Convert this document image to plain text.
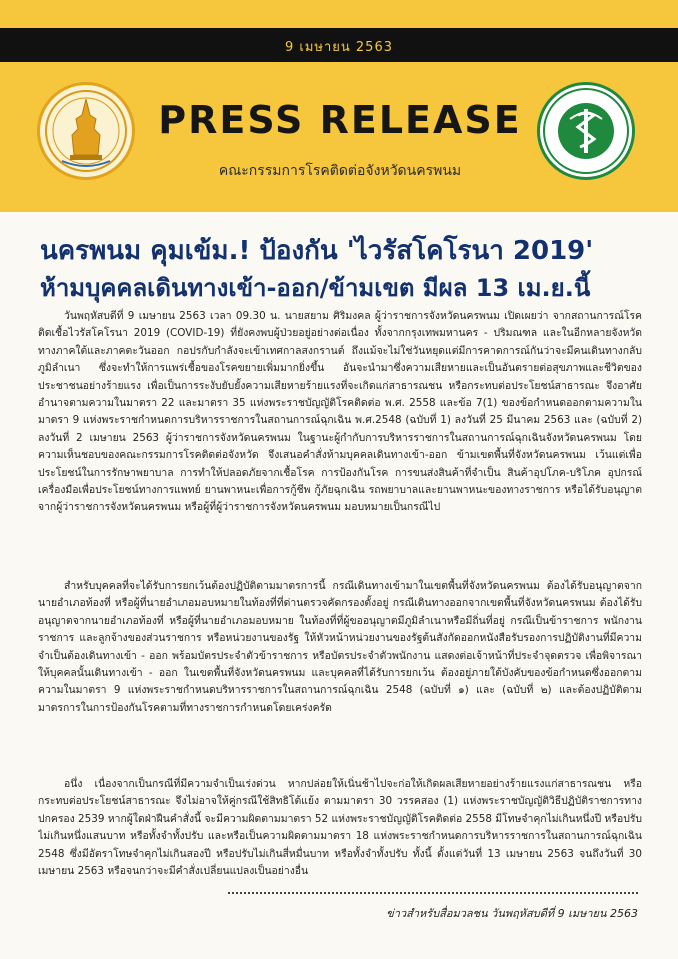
9 เมษายน 2563
PRESS RELEASE
คณะกรรมการโรคติดต่อจังหวัดนครพนม
นครพนม คุมเข้ม.! ป้องกัน 'ไวรัสโคโรนา 2019'
ห้ามบุคคลเดินทางเข้า-ออก/ข้ามเขต มีผล 13 เม.ย.นี้
วันพฤหัสบดีที่ 9 เมษายน 2563 เวลา 09.30 น. นายสยาม ศิริมงคล ผู้ว่าราชการจังหวัดนครพนม เปิดเผยว่า จากสถานการณ์โรคติดเชื้อไวรัสโคโรนา 2019 (COVID-19) ที่ยังคงพบผู้ป่วยอยู่อย่างต่อเนื่อง ทั้งจากกรุงเทพมหานคร - ปริมณฑล และในอีกหลายจังหวัดทางภาคใต้และภาคตะวันออก กอปรกับกำลังจะเข้าเทศกาลสงกรานต์ ถึงแม้จะไม่ใช่วันหยุดแต่มีการคาดการณ์กันว่าจะมีคนเดินทางกลับภูมิลำเนา ซึ่งจะทำให้การแพร่เชื้อของโรคขยายเพิ่มมากยิ่งขึ้น อันจะนำมาซึ่งความเสียหายและเป็นอันตรายต่อสุขภาพและชีวิตของประชาชนอย่างร้ายแรง เพื่อเป็นการระงับยับยั้งความเสียหายร้ายแรงที่จะเกิดแก่สาธารณชน หรือกระทบต่อประโยชน์สาธารณะ จึงอาศัยอำนาจตามความในมาตรา 22 และมาตรา 35 แห่งพระราชบัญญัติโรคติดต่อ พ.ศ. 2558 และข้อ 7(1) ของข้อกำหนดออกตามความในมาตรา 9 แห่งพระราชกำหนดการบริหารราชการในสถานการณ์ฉุกเฉิน พ.ศ.2548 (ฉบับที่ 1) ลงวันที่ 25 มีนาคม 2563 และ (ฉบับที่ 2) ลงวันที่ 2 เมษายน 2563 ผู้ว่าราชการจังหวัดนครพนม ในฐานะผู้กำกับการบริหารราชการในสถานการณ์ฉุกเฉินจังหวัดนครพนม โดยความเห็นชอบของคณะกรรมการโรคติดต่อจังหวัด จึงเสนอคำสั่งห้ามบุคคลเดินทางเข้า-ออก ข้ามเขตพื้นที่จังหวัดนครพนม เว้นแต่เพื่อประโยชน์ในการรักษาพยาบาล การทำให้ปลอดภัยจากเชื้อโรค การป้องกันโรค การขนส่งสินค้าที่จำเป็น สินค้าอุปโภค-บริโภค อุปกรณ์เครื่องมือเพื่อประโยชน์ทางการแพทย์ ยานพาหนะเพื่อการกู้ชีพ กู้ภัยฉุกเฉิน รถพยาบาลและยานพาหนะของทางราชการ หรือได้รับอนุญาตจากผู้ว่าราชการจังหวัดนครพนม หรือผู้ที่ผู้ว่าราชการจังหวัดนครพนม มอบหมายเป็นกรณีไป
สำหรับบุคคลที่จะได้รับการยกเว้นต้องปฏิบัติตามมาตรการนี้ กรณีเดินทางเข้ามาในเขตพื้นที่จังหวัดนครพนม ต้องได้รับอนุญาตจากนายอำเภอท้องที่ หรือผู้ที่นายอำเภอมอบหมายในท้องที่ที่ด่านตรวจคัดกรองตั้งอยู่ กรณีเดินทางออกจากเขตพื้นที่จังหวัดนครพนม ต้องได้รับอนุญาตจากนายอำเภอท้องที่ หรือผู้ที่นายอำเภอมอบหมาย ในท้องที่ที่ผู้ขออนุญาตมีภูมิลำเนาหรือมีถิ่นที่อยู่ กรณีเป็นข้าราชการ พนักงานราชการ และลูกจ้างของส่วนราชการ หรือหน่วยงานของรัฐ ให้หัวหน้าหน่วยงานของรัฐต้นสังกัดออกหนังสือรับรองการปฏิบัติงานที่มีความจำเป็นต้องเดินทางเข้า - ออก พร้อมบัตรประจำตัวข้าราชการ หรือบัตรประจำตัวพนักงาน แสดงต่อเจ้าหน้าที่ประจำจุดตรวจ เพื่อพิจารณาให้บุคคลนั้นเดินทางเข้า - ออก ในเขตพื้นที่จังหวัดนครพนม และบุคคลที่ได้รับการยกเว้น ต้องอยู่ภายใต้บังคับของข้อกำหนดซึ่งออกตามความในมาตรา 9 แห่งพระราชกำหนดบริหารราชการในสถานการณ์ฉุกเฉิน 2548 (ฉบับที่ ๑) และ (ฉบับที่ ๒) และต้องปฏิบัติตามมาตรการในการป้องกันโรคตามที่ทางราชการกำหนดโดยเคร่งครัด
อนึ่ง เนื่องจากเป็นกรณีที่มีความจำเป็นเร่งด่วน หากปล่อยให้เนิ่นช้าไปจะก่อให้เกิดผลเสียหายอย่างร้ายแรงแก่สาธารณชน หรือกระทบต่อประโยชน์สาธารณะ จึงไม่อาจให้คู่กรณีใช้สิทธิโต้แย้ง ตามมาตรา 30 วรรคสอง (1) แห่งพระราชบัญญัติวิธีปฏิบัติราชการทางปกครอง 2539 หากผู้ใดฝ่าฝืนคำสั่งนี้ จะมีความผิดตามมาตรา 52 แห่งพระราชบัญญัติโรคติดต่อ 2558 มีโทษจำคุกไม่เกินหนึ่งปี หรือปรับไม่เกินหนึ่งแสนบาท หรือทั้งจำทั้งปรับ และหรือเป็นความผิดตามมาตรา 18 แห่งพระราชกำหนดการบริหารราชการในสถานการณ์ฉุกเฉิน 2548 ซึ่งมีอัตราโทษจำคุกไม่เกินสองปี หรือปรับไม่เกินสี่หมื่นบาท หรือทั้งจำทั้งปรับ ทั้งนี้ ตั้งแต่วันที่ 13 เมษายน 2563 จนถึงวันที่ 30 เมษายน 2563 หรือจนกว่าจะมีคำสั่งเปลี่ยนแปลงเป็นอย่างอื่น
ข่าวสำหรับสื่อมวลชน วันพฤหัสบดีที่ 9 เมษายน 2563
